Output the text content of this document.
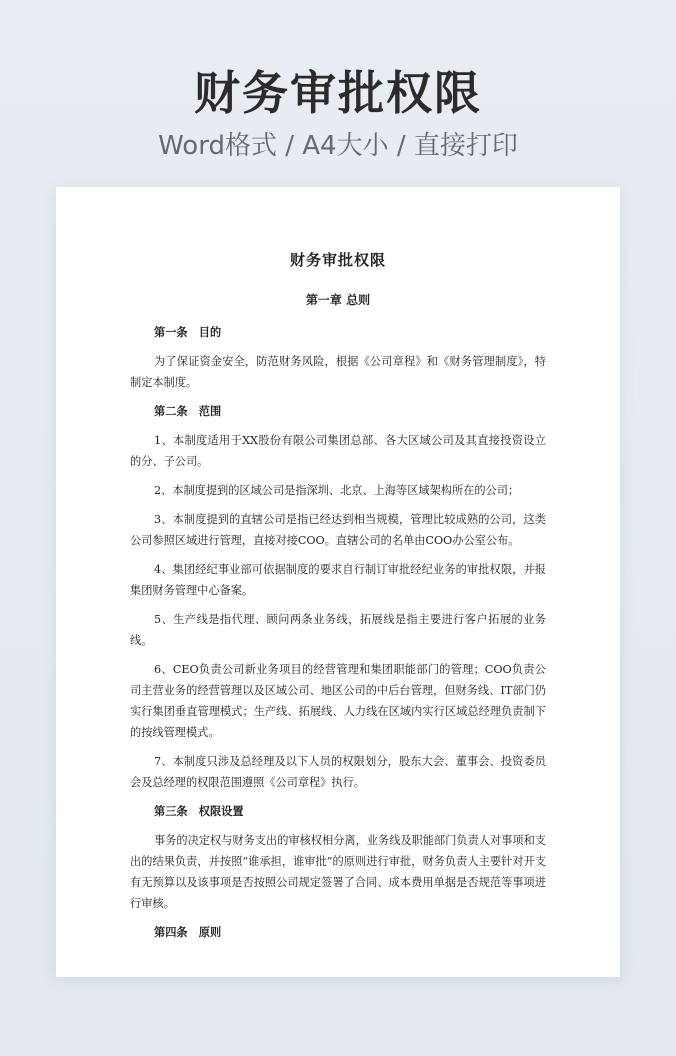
财务审批权限
Word格式 / A4大小 / 直接打印
财务审批权限
第一章 总则
第一条　目的

为了保证资金安全，防范财务风险，根据《公司章程》和《财务管理制度》，特制定本制度。

第二条　范围

1、本制度适用于XX股份有限公司集团总部、各大区域公司及其直接投资设立的分、子公司。

2、本制度提到的区域公司是指深圳、北京、上海等区域架构所在的公司；

3、本制度提到的直辖公司是指已经达到相当规模，管理比较成熟的公司，这类公司参照区域进行管理，直接对接COO。直辖公司的名单由COO办公室公布。

4、集团经纪事业部可依据制度的要求自行制订审批经纪业务的审批权限，并报集团财务管理中心备案。

5、生产线是指代理、顾问两条业务线，拓展线是指主要进行客户拓展的业务线。

6、CEO负责公司新业务项目的经营管理和集团职能部门的管理；COO负责公司主营业务的经营管理以及区域公司、地区公司的中后台管理，但财务线、IT部门仍实行集团垂直管理模式；生产线、拓展线、人力线在区域内实行区域总经理负责制下的按线管理模式。

7、本制度只涉及总经理及以下人员的权限划分，股东大会、董事会、投资委员会及总经理的权限范围遵照《公司章程》执行。

第三条　权限设置

事务的决定权与财务支出的审核权相分离，业务线及职能部门负责人对事项和支出的结果负责，并按照“谁承担，谁审批”的原则进行审批，财务负责人主要针对开支有无预算以及该事项是否按照公司规定签署了合同、成本费用单据是否规范等事项进行审核。

第四条　原则
